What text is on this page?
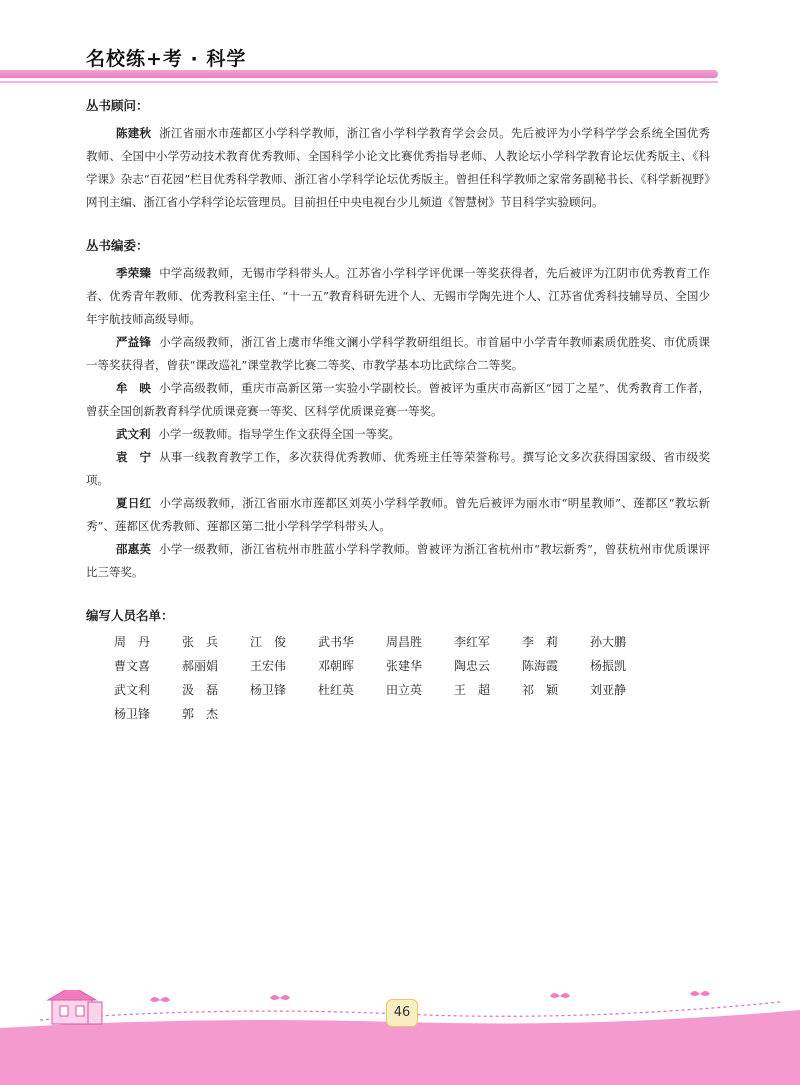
名校练+考 · 科学
丛书顾问：

陈建秋 浙江省丽水市莲都区小学科学教师，浙江省小学科学教育学会会员。先后被评为小学科学学会系统全国优秀教师、全国中小学劳动技术教育优秀教师、全国科学小论文比赛优秀指导老师、人教论坛小学科学教育论坛优秀版主、《科学课》杂志“百花园”栏目优秀科学教师、浙江省小学科学论坛优秀版主。曾担任科学教师之家常务副秘书长、《科学新视野》网刊主编、浙江省小学科学论坛管理员。目前担任中央电视台少儿频道《智慧树》节目科学实验顾问。

丛书编委：

季荣臻 中学高级教师，无锡市学科带头人。江苏省小学科学评优课一等奖获得者，先后被评为江阴市优秀教育工作者、优秀青年教师、优秀教科室主任、“十一五”教育科研先进个人、无锡市学陶先进个人、江苏省优秀科技辅导员、全国少年宇航技师高级导师。

严益锋 小学高级教师，浙江省上虞市华维文澜小学科学教研组组长。市首届中小学青年教师素质优胜奖、市优质课一等奖获得者，曾获“课改巡礼”课堂教学比赛二等奖、市教学基本功比武综合二等奖。

牟　映 小学高级教师，重庆市高新区第一实验小学副校长。曾被评为重庆市高新区“园丁之星”、优秀教育工作者，曾获全国创新教育科学优质课竞赛一等奖、区科学优质课竞赛一等奖。

武文利 小学一级教师。指导学生作文获得全国一等奖。

袁　宁 从事一线教育教学工作，多次获得优秀教师、优秀班主任等荣誉称号。撰写论文多次获得国家级、省市级奖项。

夏日红 小学高级教师，浙江省丽水市莲都区刘英小学科学教师。曾先后被评为丽水市“明星教师”、莲都区“教坛新秀”、莲都区优秀教师、莲都区第二批小学科学学科带头人。

邵惠英 小学一级教师，浙江省杭州市胜蓝小学科学教师。曾被评为浙江省杭州市“教坛新秀”，曾获杭州市优质课评比三等奖。

编写人员名单：
周　丹	张　兵	江　俊	武书华	周昌胜	李红军	李　莉	孙大鹏
曹文喜	郝丽娟	王宏伟	邓朝晖	张建华	陶忠云	陈海霞	杨振凯
武文利	汲　磊	杨卫锋	杜红英	田立英	王　超	祁　颖	刘亚静
杨卫锋	郭　杰
46
